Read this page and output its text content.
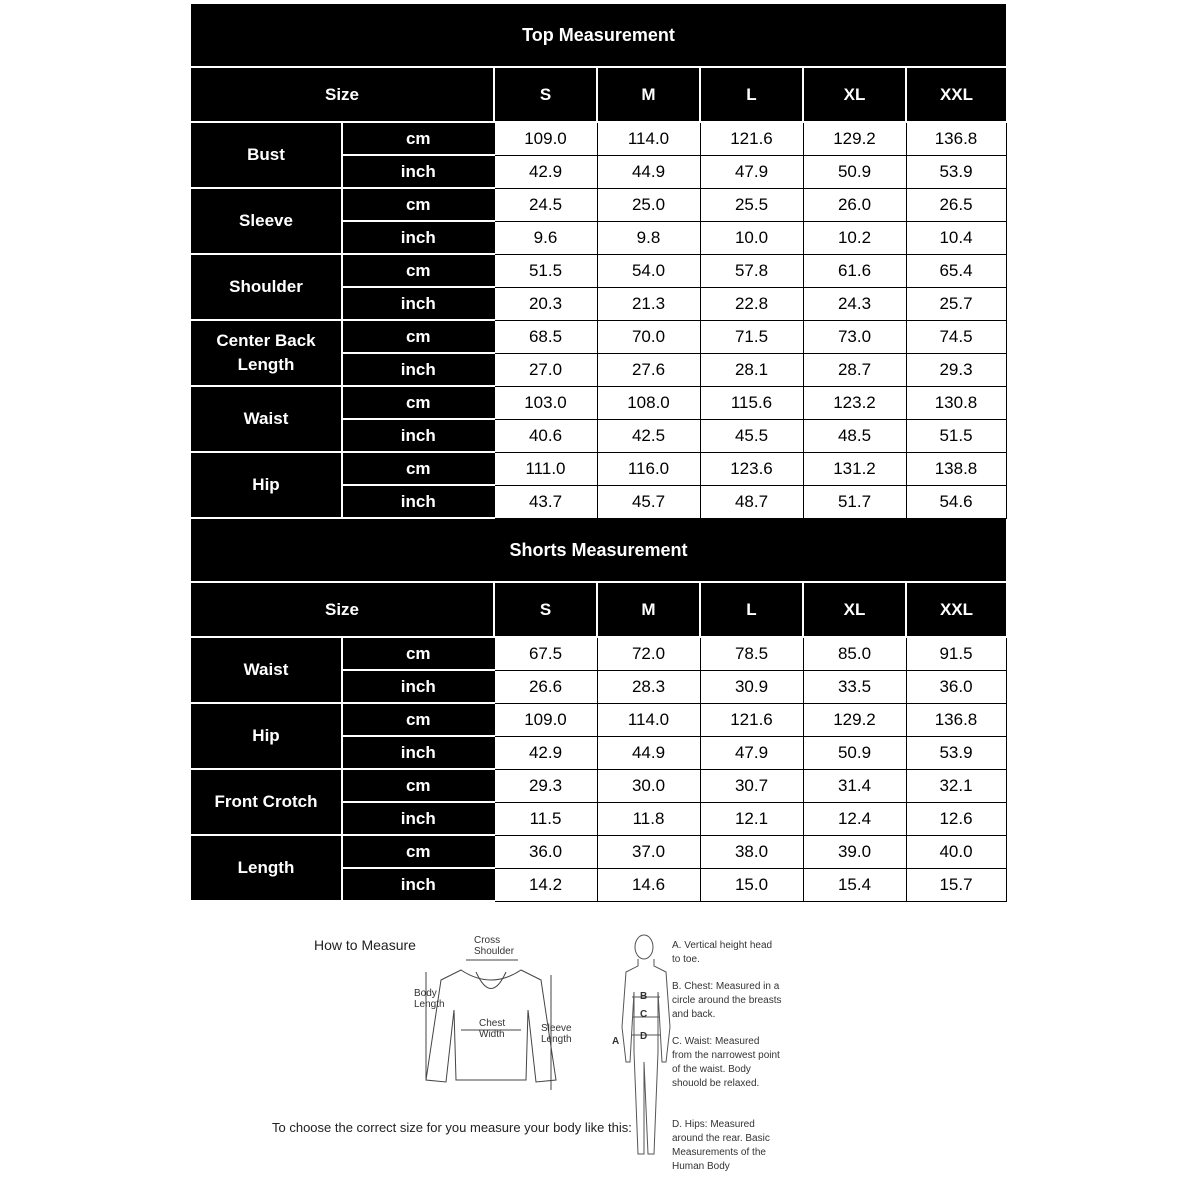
Top Measurement
Size		S	M	L	XL	XXL
Bust	cm	109.0	114.0	121.6	129.2	136.8
	inch	42.9	44.9	47.9	50.9	53.9
Sleeve	cm	24.5	25.0	25.5	26.0	26.5
	inch	9.6	9.8	10.0	10.2	10.4
Shoulder	cm	51.5	54.0	57.8	61.6	65.4
	inch	20.3	21.3	22.8	24.3	25.7
Center Back Length	cm	68.5	70.0	71.5	73.0	74.5
	inch	27.0	27.6	28.1	28.7	29.3
Waist	cm	103.0	108.0	115.6	123.2	130.8
	inch	40.6	42.5	45.5	48.5	51.5
Hip	cm	111.0	116.0	123.6	131.2	138.8
	inch	43.7	45.7	48.7	51.7	54.6
Shorts Measurement
Size		S	M	L	XL	XXL
Waist	cm	67.5	72.0	78.5	85.0	91.5
	inch	26.6	28.3	30.9	33.5	36.0
Hip	cm	109.0	114.0	121.6	129.2	136.8
	inch	42.9	44.9	47.9	50.9	53.9
Front Crotch	cm	29.3	30.0	30.7	31.4	32.1
	inch	11.5	11.8	12.1	12.4	12.6
Length	cm	36.0	37.0	38.0	39.0	40.0
	inch	14.2	14.6	15.0	15.4	15.7
How to Measure	Cross
Shoulder
Body
Length
Chest
Width
Sleeve
Length
To choose the correct size for you measure your body like this:
A
B
C
D
A. Vertical height head to toe.
B. Chest: Measured in a circle around the breasts and back.
C. Waist: Measured from the narrowest point of the waist. Body shouold be relaxed.
D. Hips: Measured around the rear. Basic Measurements of the Human Body
